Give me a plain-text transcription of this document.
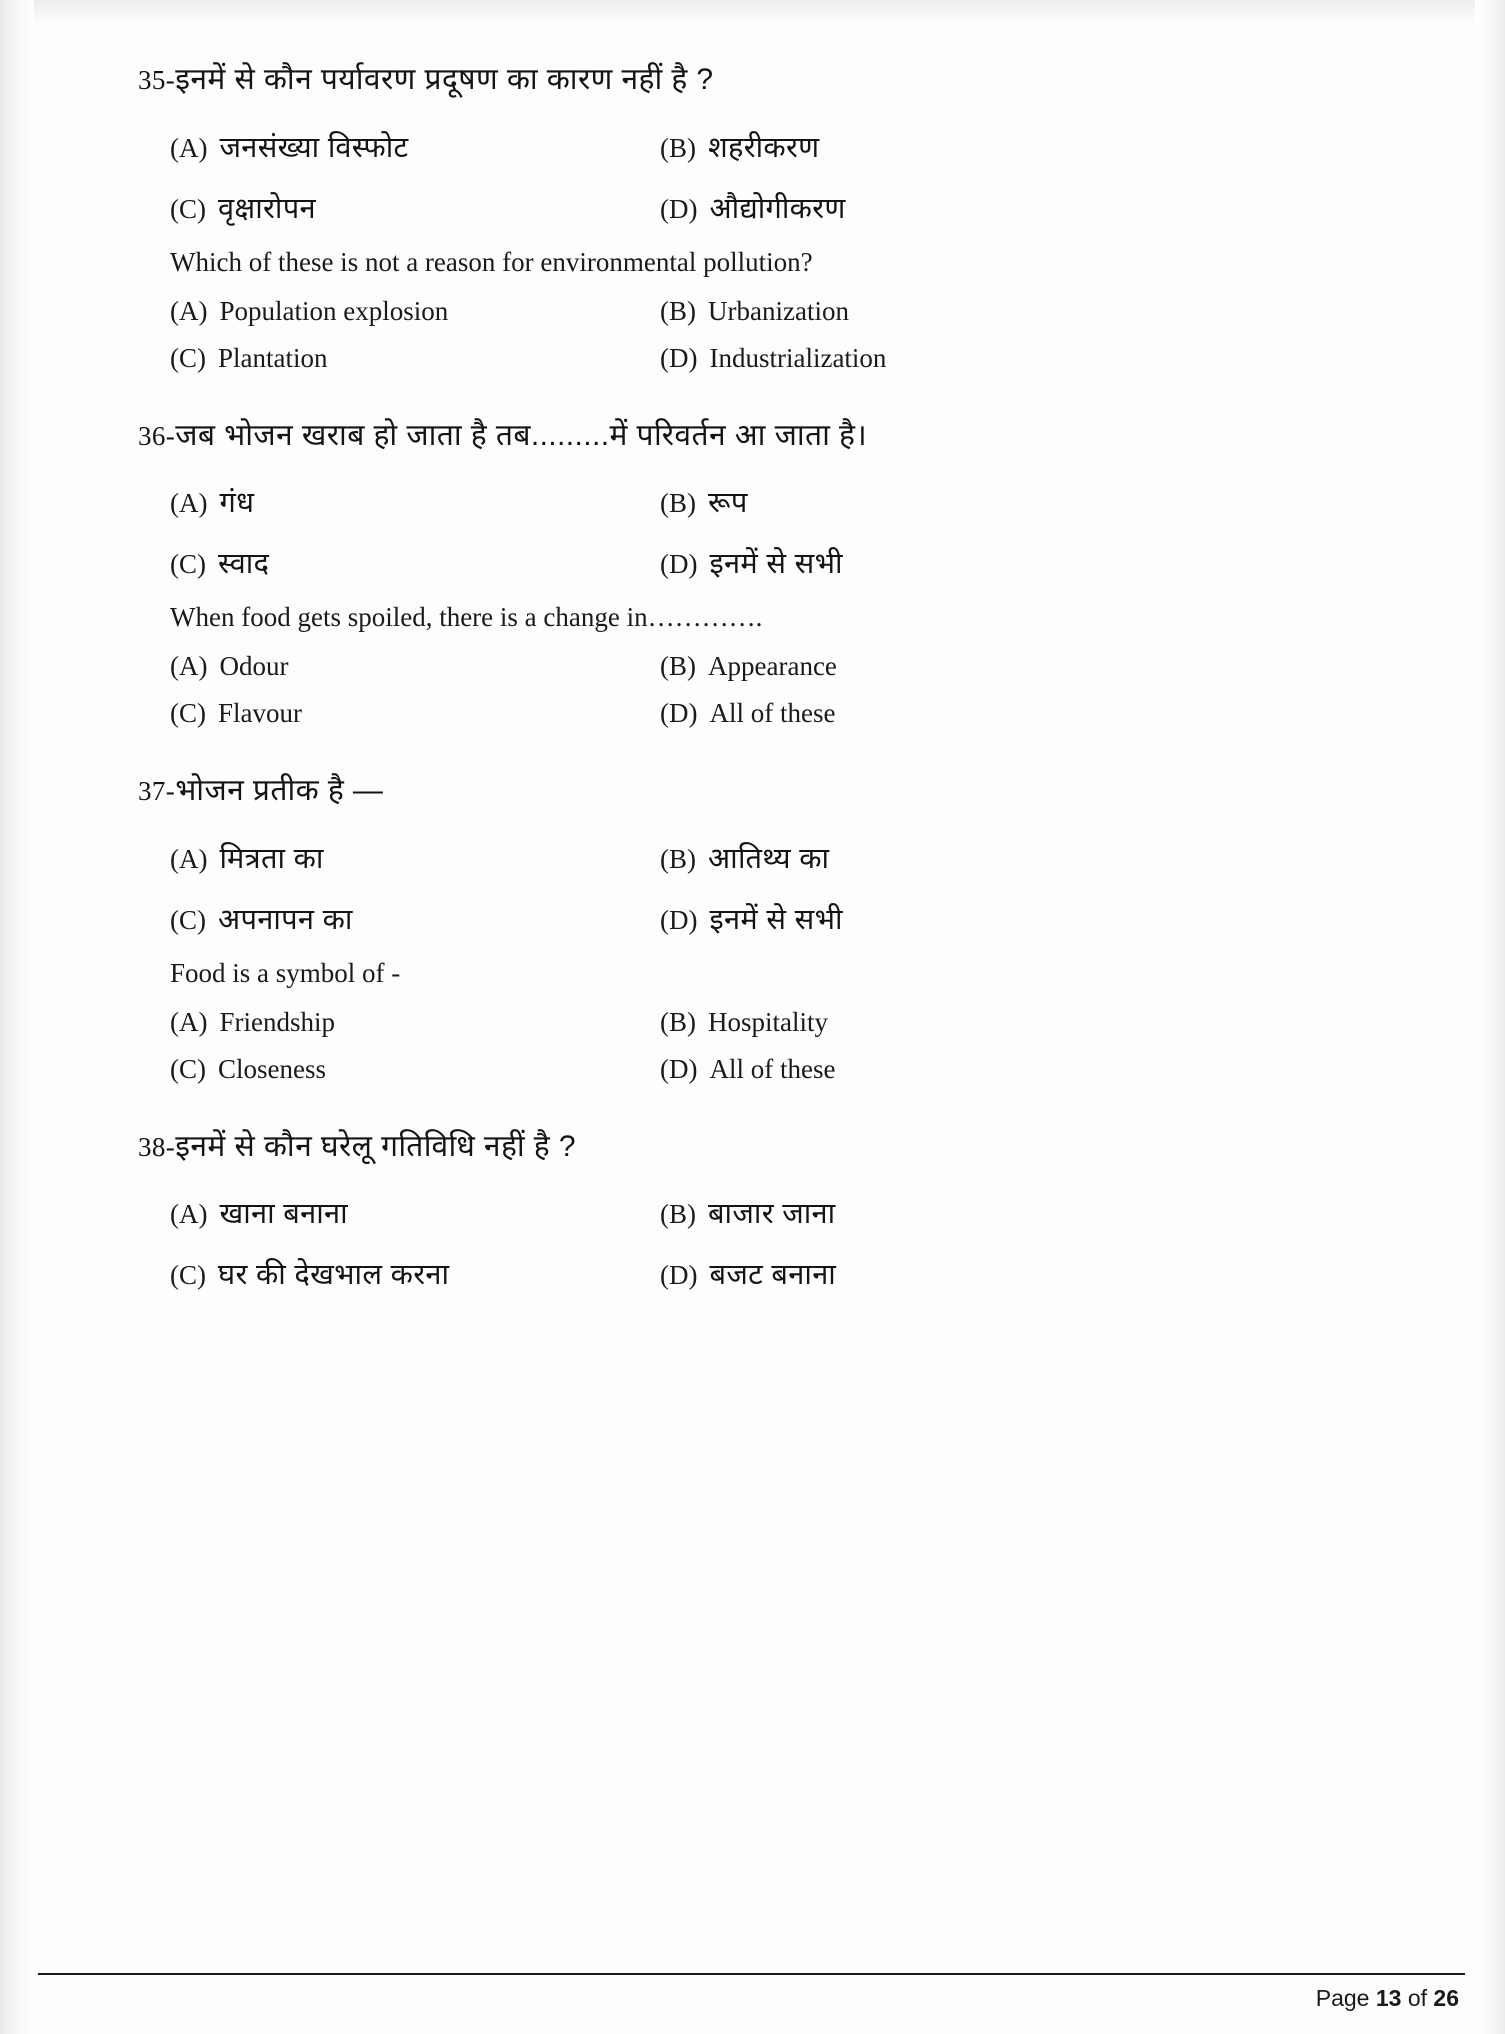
35-इनमें से कौन पर्यावरण प्रदूषण का कारण नहीं है ?
(A) जनसंख्या विस्फोट	(B) शहरीकरण
(C) वृक्षारोपन	(D) औद्योगीकरण
Which of these is not a reason for environmental pollution?
(A) Population explosion	(B) Urbanization
(C) Plantation	(D) Industrialization
36-जब भोजन खराब हो जाता है तब.........में परिवर्तन आ जाता है।
(A) गंध	(B) रूप
(C) स्वाद	(D) इनमें से सभी
When food gets spoiled, there is a change in………….
(A) Odour	(B) Appearance
(C) Flavour	(D) All of these
37-भोजन प्रतीक है —
(A) मित्रता का	(B) आतिथ्य का
(C) अपनापन का	(D) इनमें से सभी
Food is a symbol of -
(A) Friendship	(B) Hospitality
(C) Closeness	(D) All of these
38-इनमें से कौन घरेलू गतिविधि नहीं है ?
(A) खाना बनाना	(B) बाजार जाना
(C) घर की देखभाल करना	(D) बजट बनाना
Page 13 of 26
